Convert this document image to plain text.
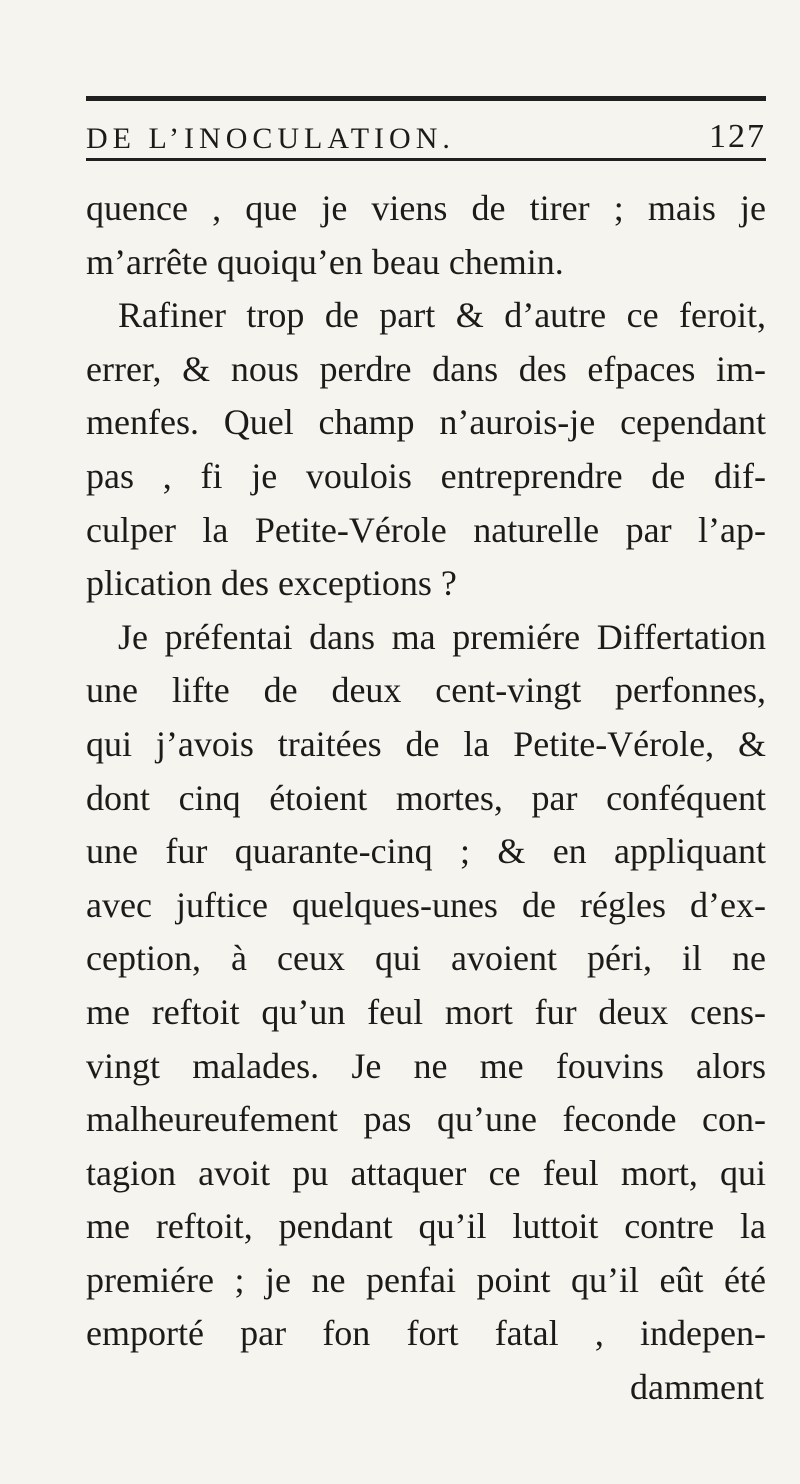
DE L’INOCULATION.	127
quence , que je viens de tirer ; mais je
m’arrête quoiqu’en beau chemin.
Rafiner trop de part & d’autre ce feroit,
errer, & nous perdre dans des efpaces im-
menfes. Quel champ n’aurois-je cependant
pas , fi je voulois entreprendre de dif-
culper la Petite-Vérole naturelle par l’ap-
plication des exceptions ?
Je préfentai dans ma premiére Differtation
une lifte de deux cent-vingt perfonnes,
qui j’avois traitées de la Petite-Vérole, &
dont cinq étoient mortes, par conféquent
une fur quarante-cinq ; & en appliquant
avec juftice quelques-unes de régles d’ex-
ception, à ceux qui avoient péri, il ne
me reftoit qu’un feul mort fur deux cens-
vingt malades. Je ne me fouvins alors
malheureufement pas qu’une feconde con-
tagion avoit pu attaquer ce feul mort, qui
me reftoit, pendant qu’il luttoit contre la
premiére ; je ne penfai point qu’il eût été
emporté par fon fort fatal , indepen-
damment
